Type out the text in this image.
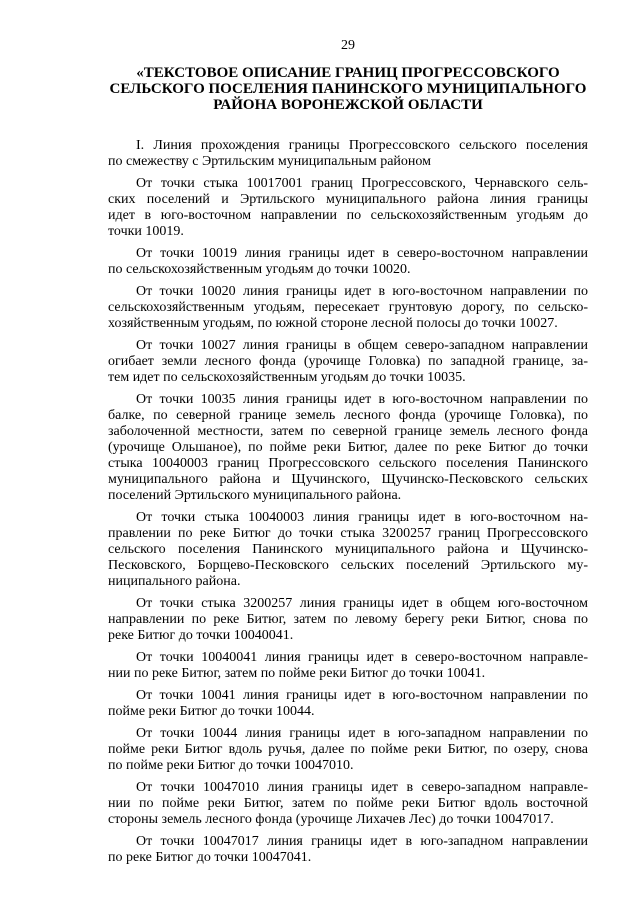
29
«ТЕКСТОВОЕ ОПИСАНИЕ ГРАНИЦ ПРОГРЕССОВСКОГО
СЕЛЬСКОГО ПОСЕЛЕНИЯ ПАНИНСКОГО МУНИЦИПАЛЬНОГО
РАЙОНА ВОРОНЕЖСКОЙ ОБЛАСТИ
I. Линия прохождения границы Прогрессовского сельского поселения
по смежеству с Эртильским муниципальным районом
От точки стыка 10017001 границ Прогрессовского, Чернавского сель-
ских поселений и Эртильского муниципального района линия границы
идет в юго-восточном направлении по сельскохозяйственным угодьям до
точки 10019.
От точки 10019 линия границы идет в северо-восточном направлении
по сельскохозяйственным угодьям до точки 10020.
От точки 10020 линия границы идет в юго-восточном направлении по
сельскохозяйственным угодьям, пересекает грунтовую дорогу, по сельско-
хозяйственным угодьям, по южной стороне лесной полосы до точки 10027.
От точки 10027 линия границы в общем северо-западном направлении
огибает земли лесного фонда (урочище Головка) по западной границе, за-
тем идет по сельскохозяйственным угодьям до точки 10035.
От точки 10035 линия границы идет в юго-восточном направлении по
балке, по северной границе земель лесного фонда (урочище Головка), по
заболоченной местности, затем по северной границе земель лесного фонда
(урочище Ольшаное), по пойме реки Битюг, далее по реке Битюг до точки
стыка 10040003 границ Прогрессовского сельского поселения Панинского
муниципального района и Щучинского, Щучинско-Песковского сельских
поселений Эртильского муниципального района.
От точки стыка 10040003 линия границы идет в юго-восточном на-
правлении по реке Битюг до точки стыка 3200257 границ Прогрессовского
сельского поселения Панинского муниципального района и Щучинско-
Песковского, Борщево-Песковского сельских поселений Эртильского му-
ниципального района.
От точки стыка 3200257 линия границы идет в общем юго-восточном
направлении по реке Битюг, затем по левому берегу реки Битюг, снова по
реке Битюг до точки 10040041.
От точки 10040041 линия границы идет в северо-восточном направле-
нии по реке Битюг, затем по пойме реки Битюг до точки 10041.
От точки 10041 линия границы идет в юго-восточном направлении по
пойме реки Битюг до точки 10044.
От точки 10044 линия границы идет в юго-западном направлении по
пойме реки Битюг вдоль ручья, далее по пойме реки Битюг, по озеру, снова
по пойме реки Битюг до точки 10047010.
От точки 10047010 линия границы идет в северо-западном направле-
нии по пойме реки Битюг, затем по пойме реки Битюг вдоль восточной
стороны земель лесного фонда (урочище Лихачев Лес) до точки 10047017.
От точки 10047017 линия границы идет в юго-западном направлении
по реке Битюг до точки 10047041.
